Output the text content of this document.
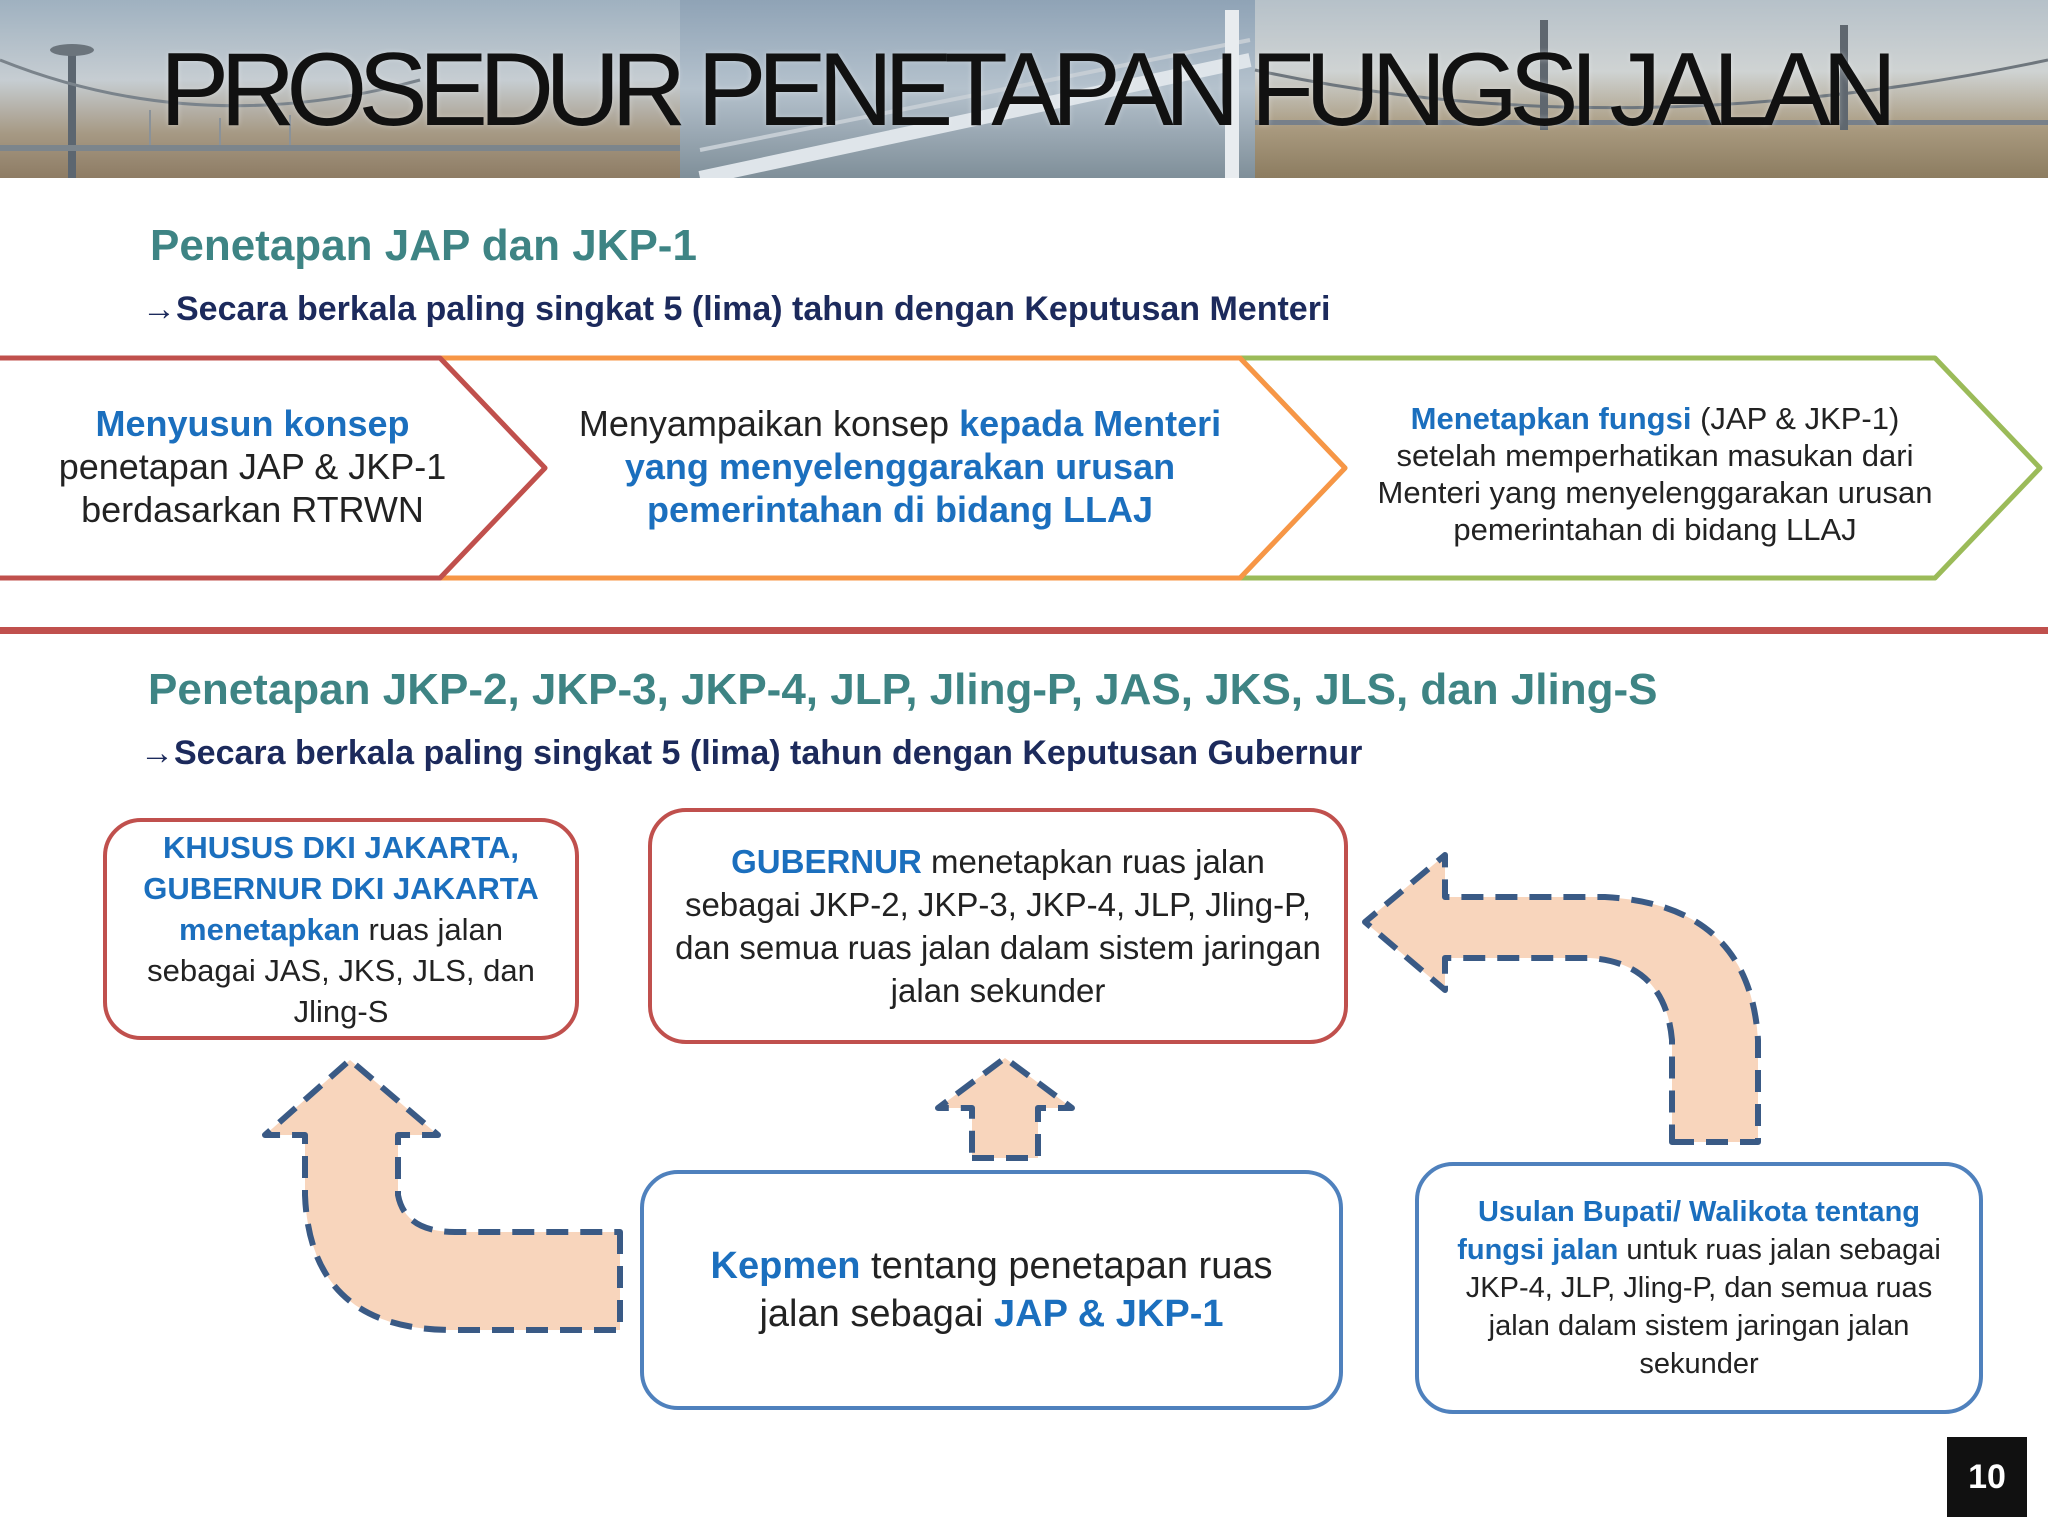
PROSEDUR PENETAPAN FUNGSI JALAN
Penetapan JAP dan JKP-1
→Secara berkala paling singkat 5 (lima) tahun dengan Keputusan Menteri
Menyusun konsep
penetapan JAP & JKP-1 berdasarkan RTRWN
Menyampaikan konsep kepada Menteri yang menyelenggarakan urusan pemerintahan di bidang LLAJ
Menetapkan fungsi (JAP & JKP-1) setelah memperhatikan masukan dari Menteri yang menyelenggarakan urusan pemerintahan di bidang LLAJ
Penetapan JKP-2, JKP-3, JKP-4, JLP, Jling-P, JAS, JKS, JLS, dan Jling-S
→Secara berkala paling singkat 5 (lima) tahun dengan Keputusan Gubernur
KHUSUS DKI JAKARTA, GUBERNUR DKI JAKARTA menetapkan ruas jalan sebagai JAS, JKS, JLS, dan Jling-S
GUBERNUR menetapkan ruas jalan sebagai JKP-2, JKP-3, JKP-4, JLP, Jling-P, dan semua ruas jalan dalam sistem jaringan jalan sekunder
Kepmen tentang penetapan ruas jalan sebagai JAP & JKP-1
Usulan Bupati/ Walikota tentang fungsi jalan untuk ruas jalan sebagai JKP-4, JLP, Jling-P, dan semua ruas jalan dalam sistem jaringan jalan sekunder
10
